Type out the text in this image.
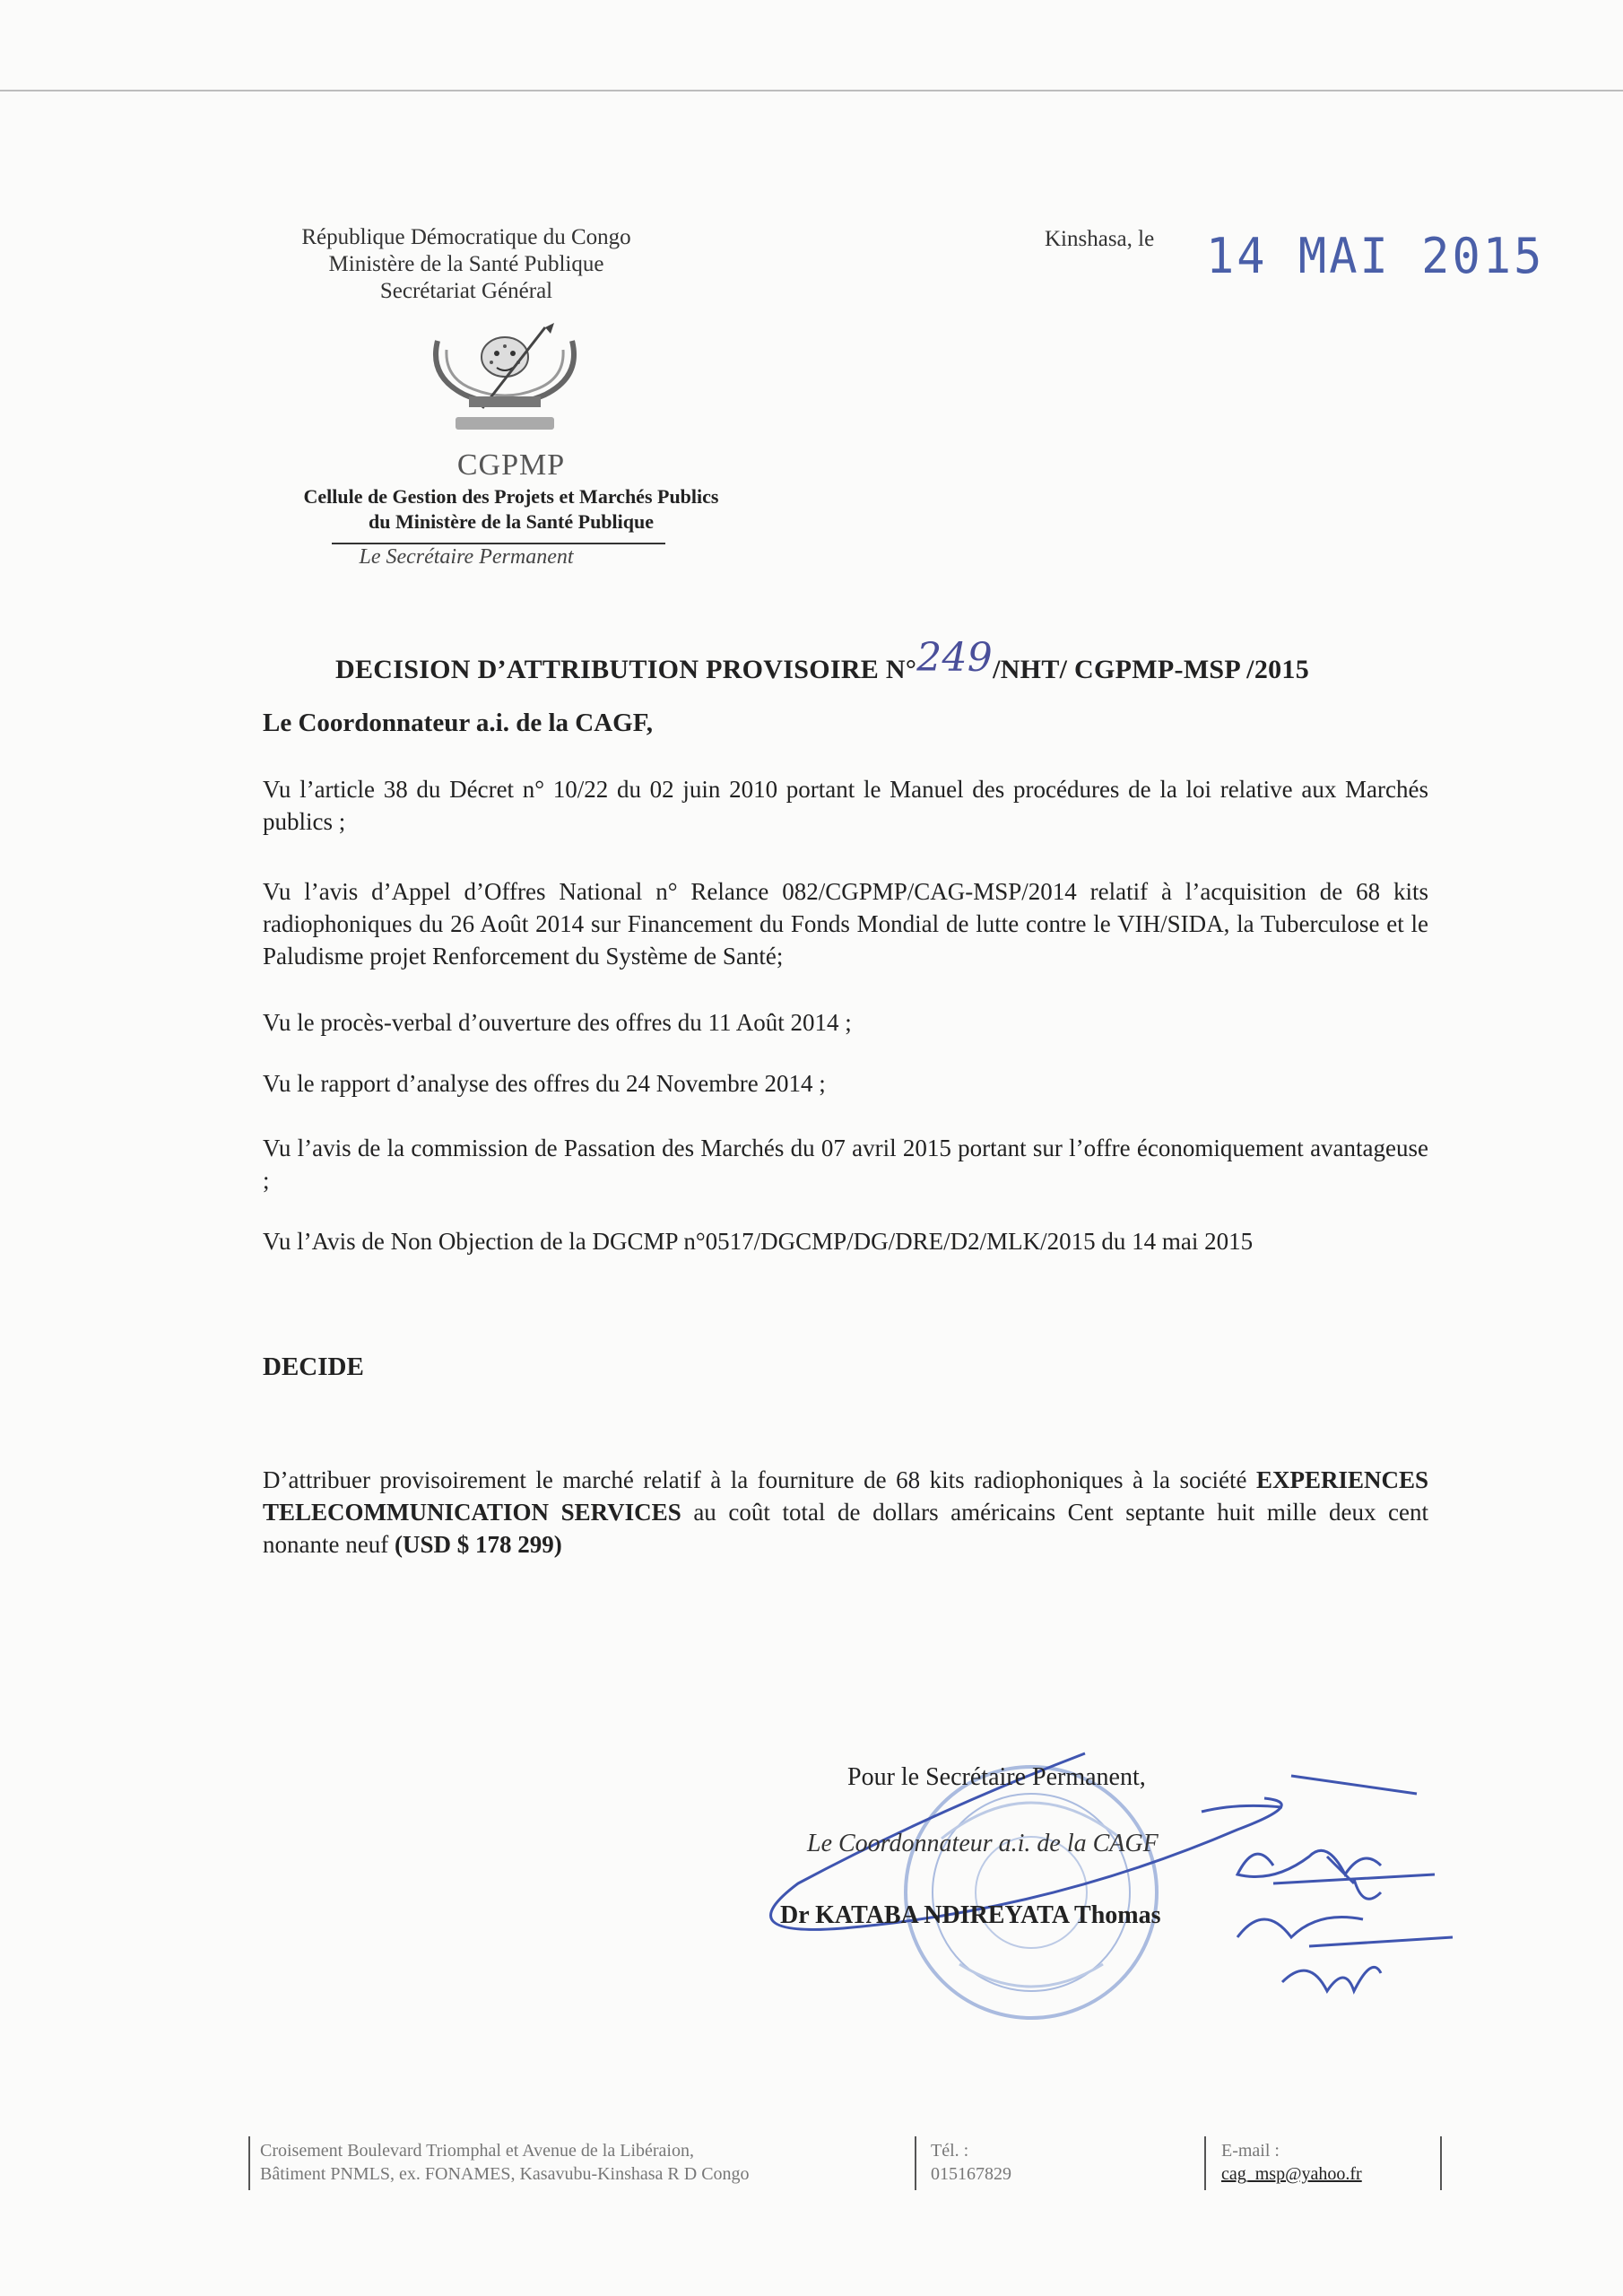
République Démocratique du Congo
Ministère de la Santé Publique
Secrétariat Général
Kinshasa, le 14 MAI 2015
CGPMP
Cellule de Gestion des Projets et Marchés Publics
du Ministère de la Santé Publique
Le Secrétaire Permanent
DECISION D’ATTRIBUTION PROVISOIRE N°249/NHT/ CGPMP-MSP /2015
Le Coordonnateur a.i. de la CAGF,
Vu l’article 38 du Décret n° 10/22 du 02 juin 2010 portant le Manuel des procédures de la loi relative aux Marchés publics ;
Vu l’avis d’Appel d’Offres National n° Relance 082/CGPMP/CAG-MSP/2014 relatif à l’acquisition de 68 kits radiophoniques du 26 Août 2014 sur Financement du Fonds Mondial de lutte contre le VIH/SIDA, la Tuberculose et le Paludisme projet Renforcement du Système de Santé;
Vu le procès-verbal d’ouverture des offres du 11 Août 2014 ;
Vu le rapport d’analyse des offres du 24 Novembre 2014 ;
Vu l’avis de la commission de Passation des Marchés du 07 avril 2015 portant sur l’offre économiquement avantageuse ;
Vu l’Avis de Non Objection de la DGCMP n°0517/DGCMP/DG/DRE/D2/MLK/2015 du 14 mai 2015
DECIDE
D’attribuer provisoirement le marché relatif à la fourniture de 68 kits radiophoniques à la société EXPERIENCES TELECOMMUNICATION SERVICES au coût total de dollars américains Cent septante huit mille deux cent nonante neuf (USD $ 178 299)
Pour le Secrétaire Permanent,
Le Coordonnateur a.i. de la CAGF
Dr KATABA NDIREYATA Thomas
Croisement Boulevard Triomphal et Avenue de la Libéraion,
Bâtiment PNMLS, ex. FONAMES, Kasavubu-Kinshasa R D Congo
Tél. :
015167829
E-mail :
cag_msp@yahoo.fr
